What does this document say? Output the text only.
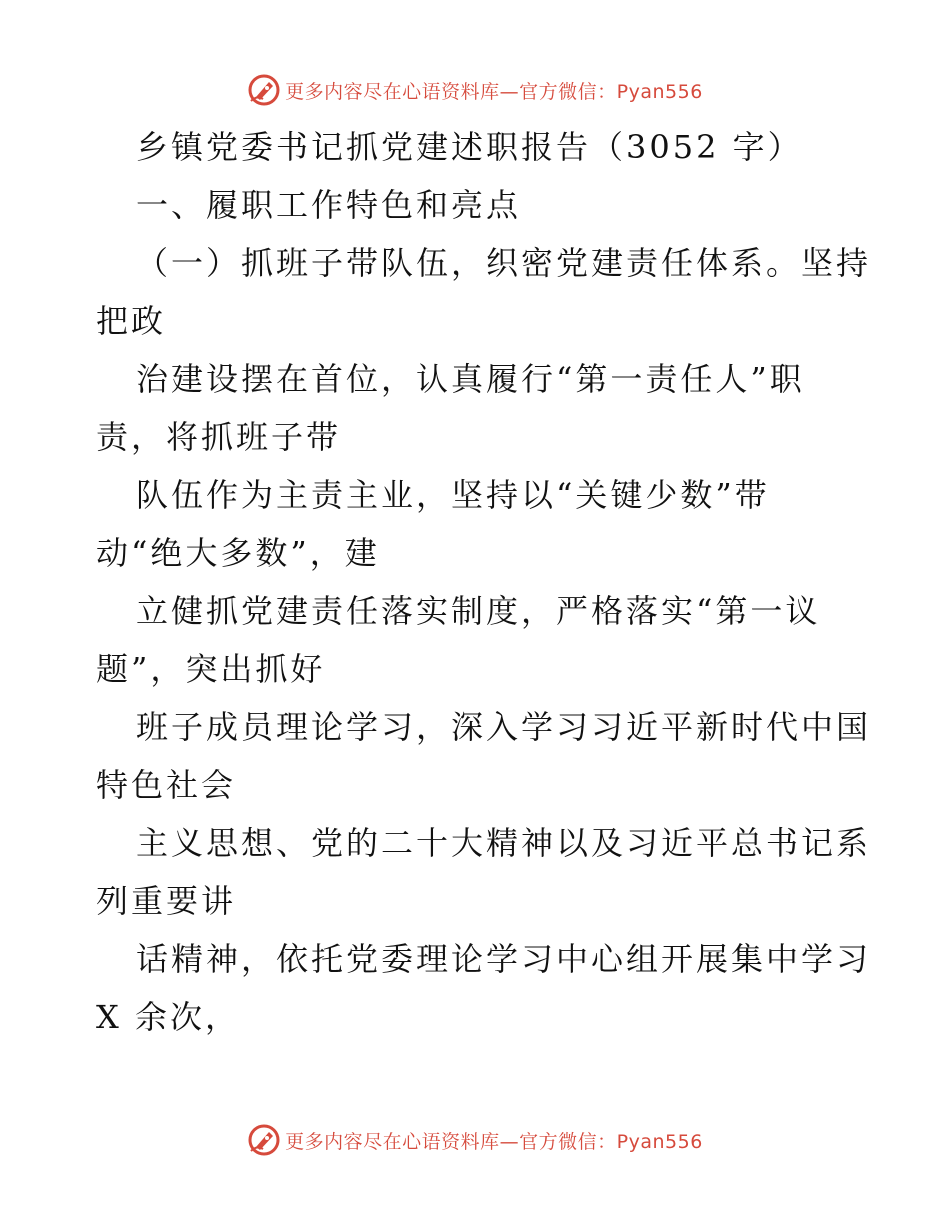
更多内容尽在心语资料库—官方微信：Pyan556
乡镇党委书记抓党建述职报告（3052 字）
一、履职工作特色和亮点
（一）抓班子带队伍，织密党建责任体系。坚持
把政
治建设摆在首位，认真履行“第一责任人”职
责，将抓班子带
队伍作为主责主业，坚持以“关键少数”带
动“绝大多数”，建
立健抓党建责任落实制度，严格落实“第一议
题”，突出抓好
班子成员理论学习，深入学习习近平新时代中国
特色社会
主义思想、党的二十大精神以及习近平总书记系
列重要讲
话精神，依托党委理论学习中心组开展集中学习
X 余次，
更多内容尽在心语资料库—官方微信：Pyan556
